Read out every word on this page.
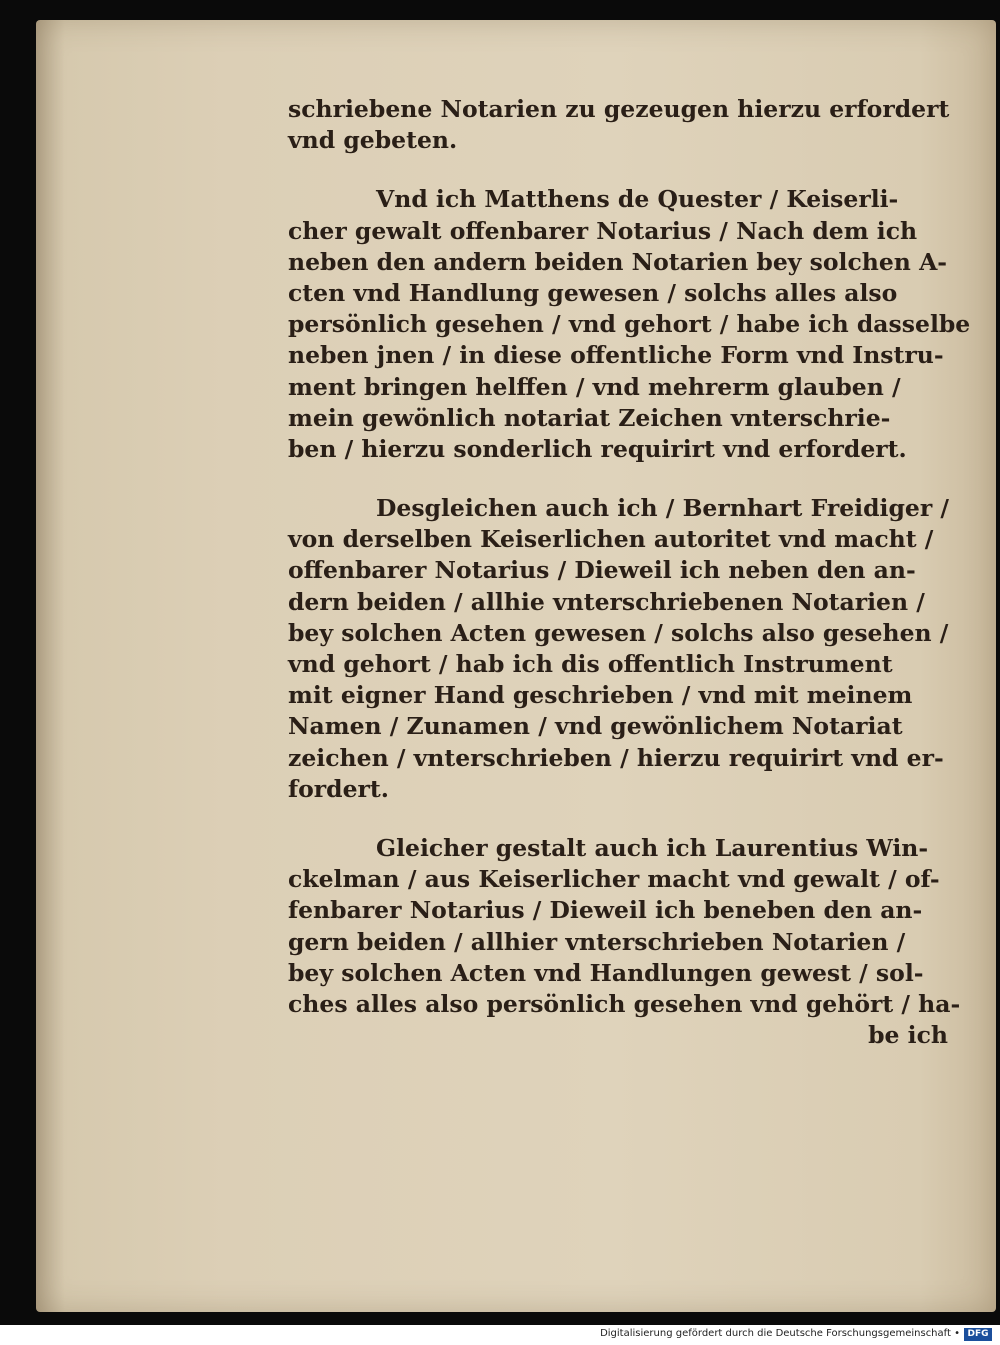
schriebene Notarien zu gezeugen hierzu erfordert
vnd gebeten.

Vnd ich Matthens de Quester / Keiserli-
cher gewalt offenbarer Notarius / Nach dem ich
neben den andern beiden Notarien bey solchen A-
cten vnd Handlung gewesen / solchs alles also
persönlich gesehen / vnd gehort / habe ich dasselbe
neben jnen / in diese offentliche Form vnd Instru-
ment bringen helffen / vnd mehrerm glauben /
mein gewönlich notariat Zeichen vnterschrie-
ben / hierzu sonderlich requirirt vnd erfordert.

Desgleichen auch ich / Bernhart Freidiger /
von derselben Keiserlichen autoritet vnd macht /
offenbarer Notarius / Dieweil ich neben den an-
dern beiden / allhie vnterschriebenen Notarien /
bey solchen Acten gewesen / solchs also gesehen /
vnd gehort / hab ich dis offentlich Instrument
mit eigner Hand geschrieben / vnd mit meinem
Namen / Zunamen / vnd gewönlichem Notariat
zeichen / vnterschrieben / hierzu requirirt vnd er-
fordert.

Gleicher gestalt auch ich Laurentius Win-
ckelman / aus Keiserlicher macht vnd gewalt / of-
fenbarer Notarius / Dieweil ich beneben den an-
gern beiden / allhier vnterschrieben Notarien /
bey solchen Acten vnd Handlungen gewest / sol-
ches alles also persönlich gesehen vnd gehört / ha-
be ich

Digitalisierung gefördert durch die Deutsche Forschungsgemeinschaft • DFG
